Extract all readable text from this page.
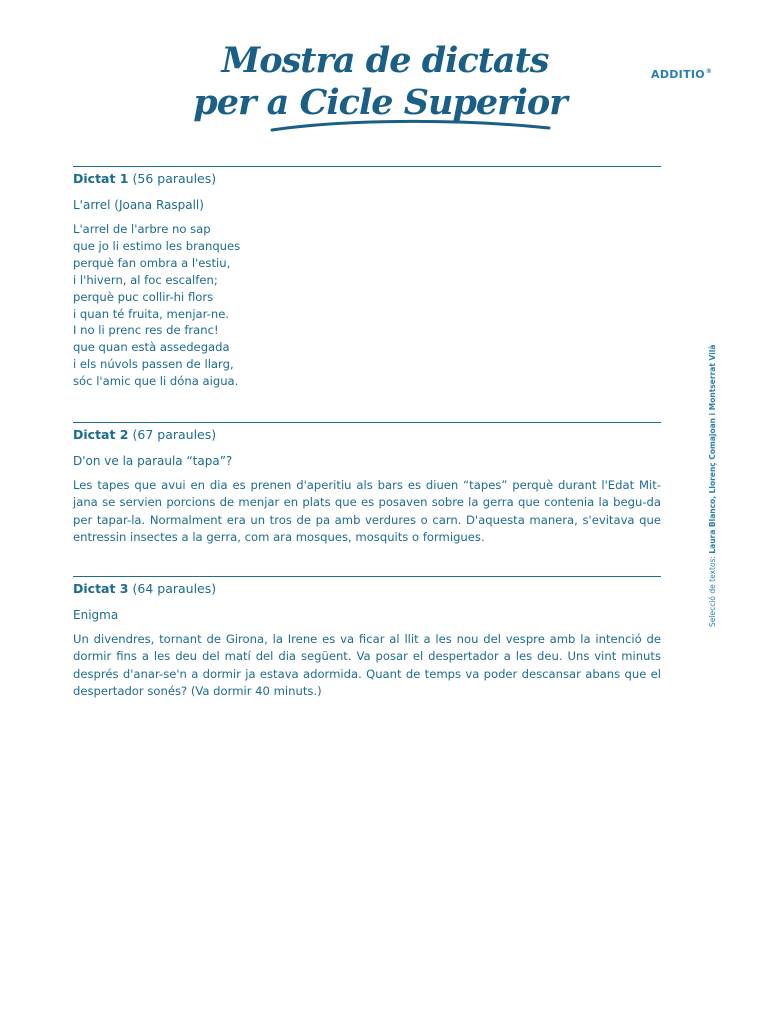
Mostra de dictats
per a Cicle Superior
ADDITIO®
Dictat 1 (56 paraules)
L'arrel (Joana Raspall)
L'arrel de l'arbre no sap
que jo li estimo les branques
perquè fan ombra a l'estiu,
i l'hivern, al foc escalfen;
perquè puc collir-hi flors
i quan té fruita, menjar-ne.
I no li prenc res de franc!
que quan està assedegada
i els núvols passen de llarg,
sóc l'amic que li dóna aigua.
Dictat 2 (67 paraules)
D'on ve la paraula “tapa”?
Les tapes que avui en dia es prenen d'aperitiu als bars es diuen “tapes” perquè durant l'Edat Mit-jana se servien porcions de menjar en plats que es posaven sobre la gerra que contenia la begu-da per tapar-la. Normalment era un tros de pa amb verdures o carn. D'aquesta manera, s'evitava que entressin insectes a la gerra, com ara mosques, mosquits o formigues.
Dictat 3 (64 paraules)
Enigma
Un divendres, tornant de Girona, la Irene es va ficar al llit a les nou del vespre amb la intenció de dormir fins a les deu del matí del dia següent. Va posar el despertador a les deu. Uns vint minuts després d'anar-se'n a dormir ja estava adormida. Quant de temps va poder descansar abans que el despertador sonés? (Va dormir 40 minuts.)
Selecció de textos: Laura Blanco, Llorenç Comajoan i Montserrat Vilà
